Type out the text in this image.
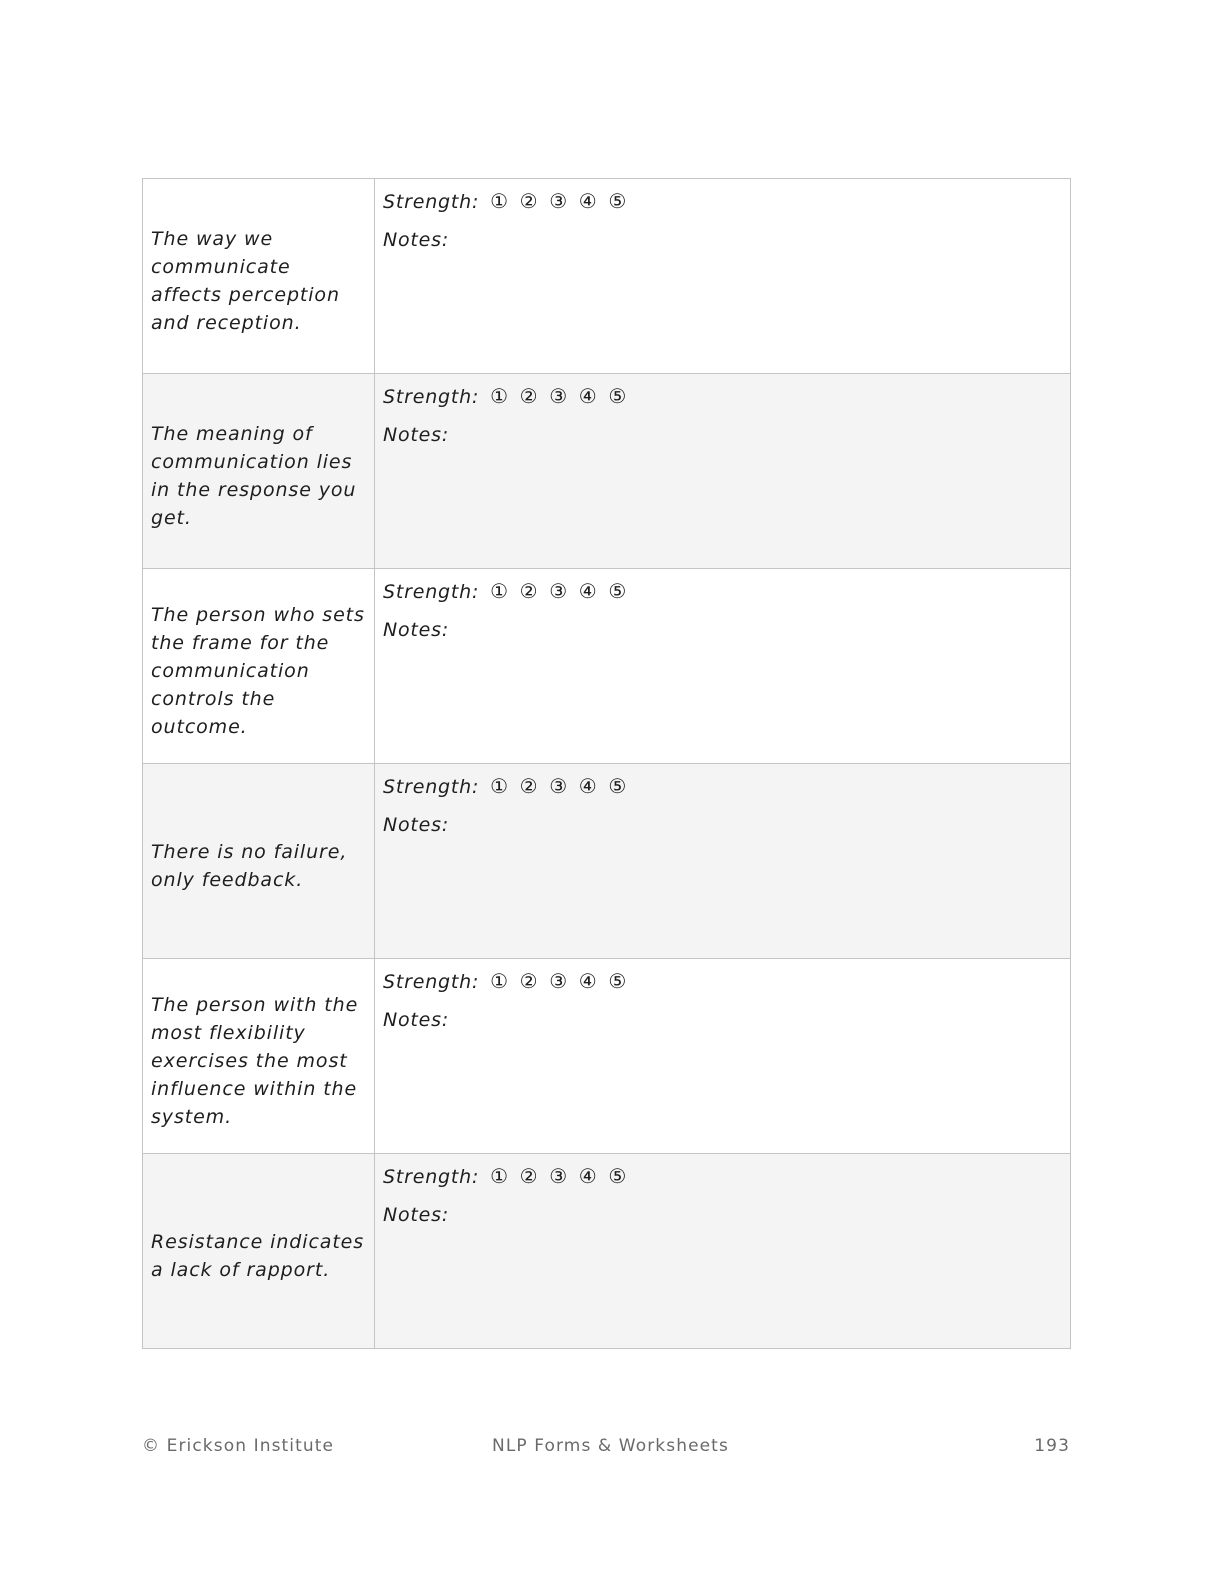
The way we communicate affects perception and reception.	Strength: ① ② ③ ④ ⑤
Notes:

The meaning of communication lies in the response you get.	Strength: ① ② ③ ④ ⑤
Notes:

The person who sets the frame for the communication controls the outcome.	Strength: ① ② ③ ④ ⑤
Notes:

There is no failure, only feedback.	Strength: ① ② ③ ④ ⑤
Notes:

The person with the most flexibility exercises the most influence within the system.	Strength: ① ② ③ ④ ⑤
Notes:

Resistance indicates a lack of rapport.	Strength: ① ② ③ ④ ⑤
Notes:
© Erickson Institute	NLP Forms & Worksheets	193
